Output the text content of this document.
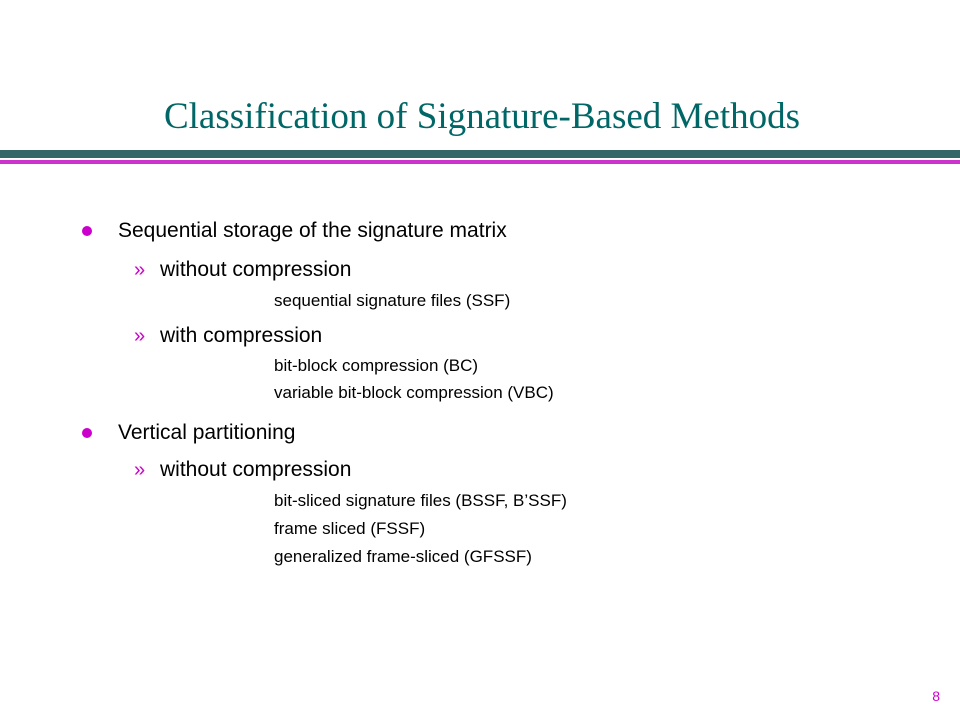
Classification of Signature-Based Methods
Sequential storage of the signature matrix
» without compression
sequential signature files (SSF)
» with compression
bit-block compression (BC)
variable bit-block compression (VBC)
Vertical partitioning
» without compression
bit-sliced signature files (BSSF, B’SSF)
frame sliced (FSSF)
generalized frame-sliced (GFSSF)
8
